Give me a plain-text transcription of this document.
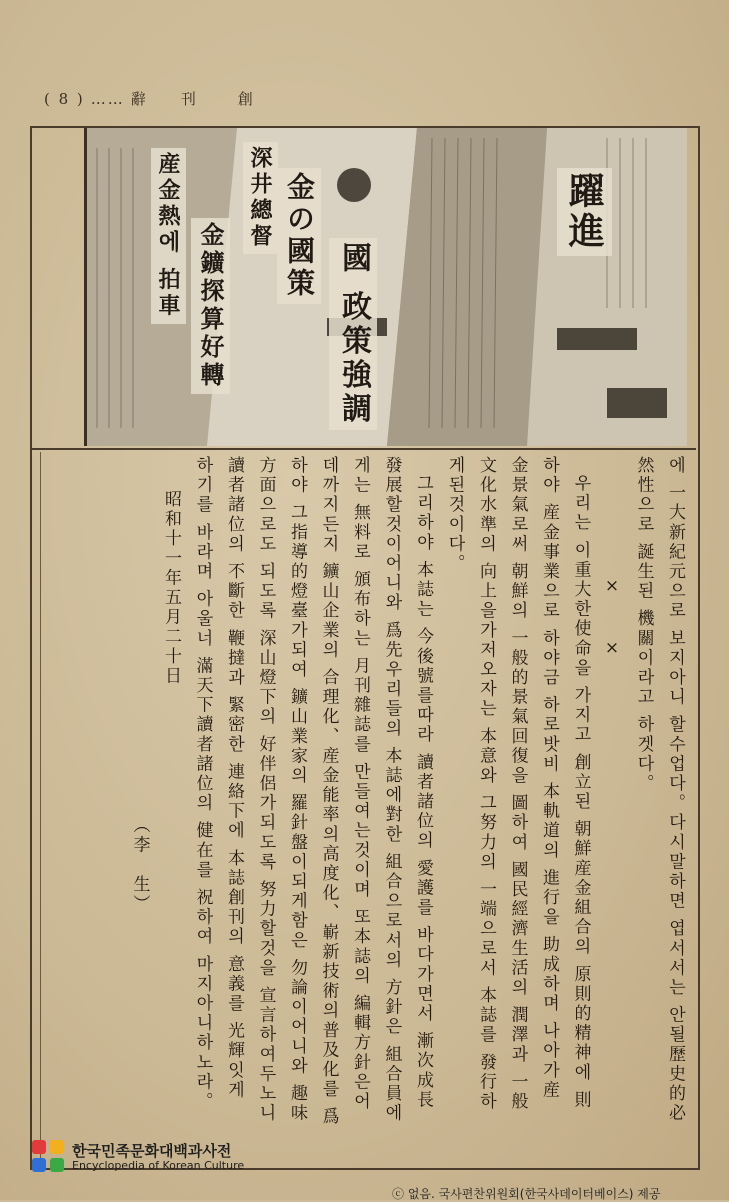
( 8 ) …… 辭 刊	創
産金熱에 拍車 金鑛探算好轉
深井總督 金の國策
國 政策強調
躍進
에 一大新紀元으로 보지아니 할수업다。다시말하면 엽서서는 안될歷史的必
然性으로 誕生된 機關이라고 하겟다。
×　　×
우리는 이重大한使命을 가지고 創立된 朝鮮産金組合의 原則的精神에 則
하야 産金事業으로 하야금 하로밧비 本軌道의 進行을 助成하며 나아가産
金景氣로써 朝鮮의 一般的景氣回復을 圖하여 國民經濟生活의 潤澤과 一般
文化水準의 向上을가저오자는 本意와 그努力의 一端으로서 本誌를 發行하
게된것이다。
그리하야 本誌는 今後號를따라 讀者諸位의 愛護를 바다가면서 漸次成長
發展할것이어니와 爲先우리들의 本誌에對한 組合으로서의 方針은 組合員에
게는 無料로 頒布하는 月刊雜誌를 만들여는것이며 또本誌의 編輯方針은어
데까지든지 鑛山企業의 合理化、産金能率의高度化、嶄新技術의普及化를 爲
하야 그指導的燈臺가되여 鑛山業家의 羅針盤이되게함은 勿論이어니와 趣味
方面으로도 되도록 深山燈下의 好伴侶가되도록 努力할것을 宣言하여두노니
讀者諸位의 不斷한 鞭撻과 緊密한 連絡下에 本誌創刊의 意義를 光輝잇게
하기를 바라며 아울너 滿天下讀者諸位의 健在를 祝하여 마지아니하노라。
昭和十一年五月二十日
（李　生）
한국민족문화대백과사전
Encyclopedia of Korean Culture
ⓒ 없음. 국사편찬위원회(한국사데이터베이스) 제공
